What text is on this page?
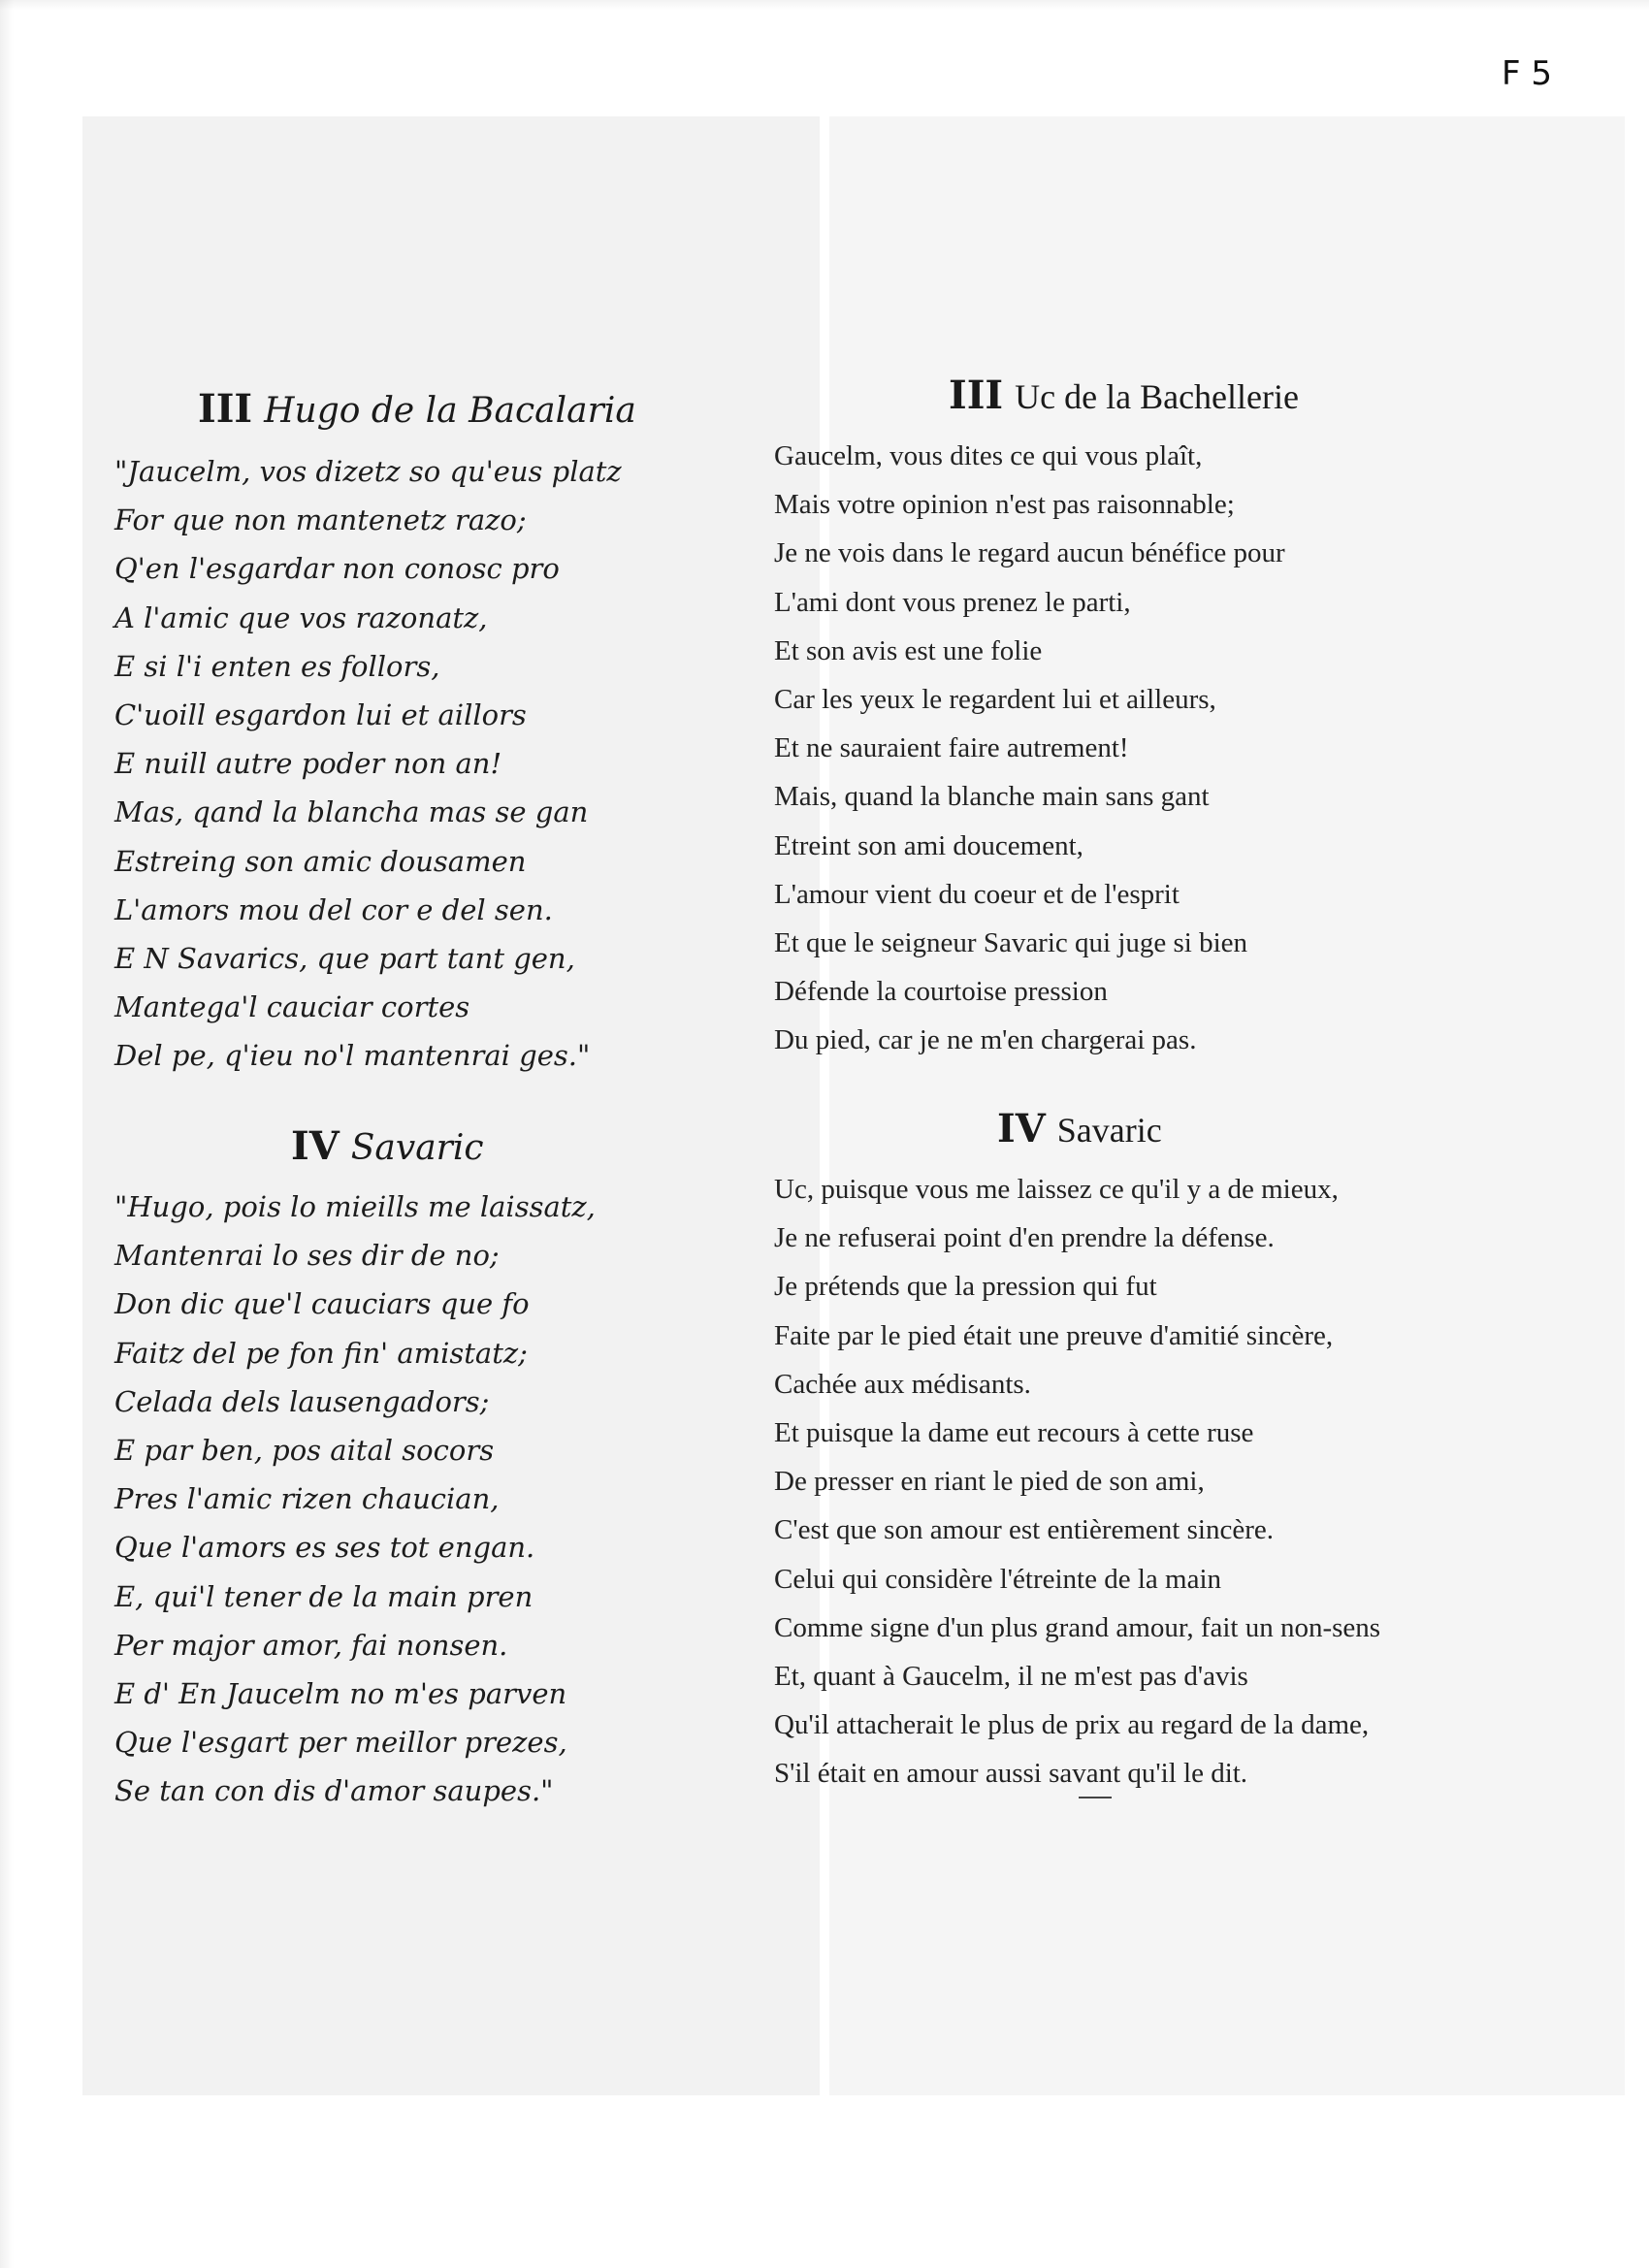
F 5
III Hugo de la Bacalaria
"Jaucelm, vos dizetz so qu'eus platz
For que non mantenetz razo;
Q'en l'esgardar non conosc pro
A l'amic que vos razonatz,
E si l'i enten es follors,
C'uoill esgardon lui et aillors
E nuill autre poder non an!
Mas, qand la blancha mas se gan
Estreing son amic dousamen
L'amors mou del cor e del sen.
E N Savarics, que part tant gen,
Mantega'l cauciar cortes
Del pe, q'ieu no'l mantenrai ges."
IV Savaric
"Hugo, pois lo mieills me laissatz,
Mantenrai lo ses dir de no;
Don dic que'l cauciars que fo
Faitz del pe fon fin' amistatz;
Celada dels lausengadors;
E par ben, pos aital socors
Pres l'amic rizen chaucian,
Que l'amors es ses tot engan.
E, qui'l tener de la main pren
Per major amor, fai nonsen.
E d' En Jaucelm no m'es parven
Que l'esgart per meillor prezes,
Se tan con dis d'amor saupes."
III Uc de la Bachellerie
Gaucelm, vous dites ce qui vous plaît,
Mais votre opinion n'est pas raisonnable;
Je ne vois dans le regard aucun bénéfice pour
L'ami dont vous prenez le parti,
Et son avis est une folie
Car les yeux le regardent lui et ailleurs,
Et ne sauraient faire autrement!
Mais, quand la blanche main sans gant
Etreint son ami doucement,
L'amour vient du coeur et de l'esprit
Et que le seigneur Savaric qui juge si bien
Défende la courtoise pression
Du pied, car je ne m'en chargerai pas.
IV Savaric
Uc, puisque vous me laissez ce qu'il y a de mieux,
Je ne refuserai point d'en prendre la défense.
Je prétends que la pression qui fut
Faite par le pied était une preuve d'amitié sincère,
Cachée aux médisants.
Et puisque la dame eut recours à cette ruse
De presser en riant le pied de son ami,
C'est que son amour est entièrement sincère.
Celui qui considère l'étreinte de la main
Comme signe d'un plus grand amour, fait un non-sens
Et, quant à Gaucelm, il ne m'est pas d'avis
Qu'il attacherait le plus de prix au regard de la dame,
S'il était en amour aussi savant qu'il le dit.
